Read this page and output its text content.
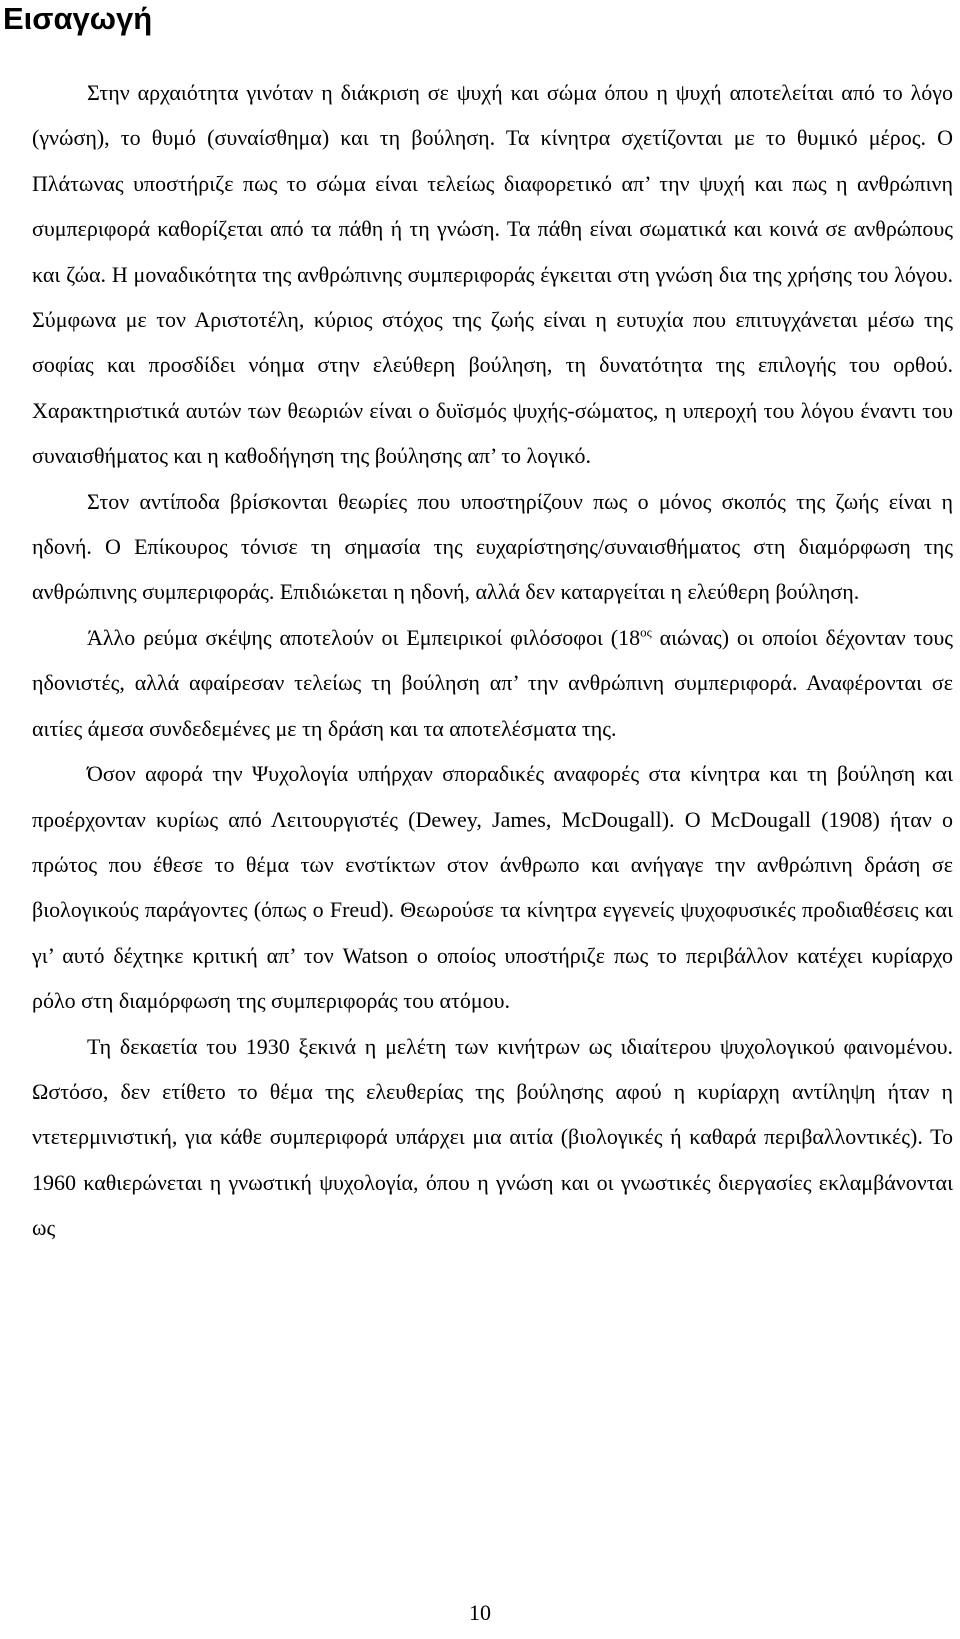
Εισαγωγή

Στην αρχαιότητα γινόταν η διάκριση σε ψυχή και σώμα όπου η ψυχή αποτελείται από το λόγο (γνώση), το θυμό (συναίσθημα) και τη βούληση. Τα κίνητρα σχετίζονται με το θυμικό μέρος. Ο Πλάτωνας υποστήριζε πως το σώμα είναι τελείως διαφορετικό απ’ την ψυχή και πως η ανθρώπινη συμπεριφορά καθορίζεται από τα πάθη ή τη γνώση. Τα πάθη είναι σωματικά και κοινά σε ανθρώπους και ζώα. Η μοναδικότητα της ανθρώπινης συμπεριφοράς έγκειται στη γνώση δια της χρήσης του λόγου. Σύμφωνα με τον Αριστοτέλη, κύριος στόχος της ζωής είναι η ευτυχία που επιτυγχάνεται μέσω της σοφίας και προσδίδει νόημα στην ελεύθερη βούληση, τη δυνατότητα της επιλογής του ορθού. Χαρακτηριστικά αυτών των θεωριών είναι ο δυϊσμός ψυχής-σώματος, η υπεροχή του λόγου έναντι του συναισθήματος και η καθοδήγηση της βούλησης απ’ το λογικό.

Στον αντίποδα βρίσκονται θεωρίες που υποστηρίζουν πως ο μόνος σκοπός της ζωής είναι η ηδονή. Ο Επίκουρος τόνισε τη σημασία της ευχαρίστησης/συναισθήματος στη διαμόρφωση της ανθρώπινης συμπεριφοράς. Επιδιώκεται η ηδονή, αλλά δεν καταργείται η ελεύθερη βούληση.

Άλλο ρεύμα σκέψης αποτελούν οι Εμπειρικοί φιλόσοφοι ($18^{o\varsigma}$ αιώνας) οι οποίοι δέχονταν τους ηδονιστές, αλλά αφαίρεσαν τελείως τη βούληση απ’ την ανθρώπινη συμπεριφορά. Αναφέρονται σε αιτίες άμεσα συνδεδεμένες με τη δράση και τα αποτελέσματα της.

Όσον αφορά την Ψυχολογία υπήρχαν σποραδικές αναφορές στα κίνητρα και τη βούληση και προέρχονταν κυρίως από Λειτουργιστές (Dewey, James, McDougall). Ο McDougall (1908) ήταν ο πρώτος που έθεσε το θέμα των ενστίκτων στον άνθρωπο και ανήγαγε την ανθρώπινη δράση σε βιολογικούς παράγοντες (όπως ο Freud). Θεωρούσε τα κίνητρα εγγενείς ψυχοφυσικές προδιαθέσεις και γι’ αυτό δέχτηκε κριτική απ’ τον Watson ο οποίος υποστήριζε πως το περιβάλλον κατέχει κυρίαρχο ρόλο στη διαμόρφωση της συμπεριφοράς του ατόμου.

Τη δεκαετία του 1930 ξεκινά η μελέτη των κινήτρων ως ιδιαίτερου ψυχολογικού φαινομένου. Ωστόσο, δεν ετίθετο το θέμα της ελευθερίας της βούλησης αφού η κυρίαρχη αντίληψη ήταν η ντετερμινιστική, για κάθε συμπεριφορά υπάρχει μια αιτία (βιολογικές ή καθαρά περιβαλλοντικές). Το 1960 καθιερώνεται η γνωστική ψυχολογία, όπου η γνώση και οι γνωστικές διεργασίες εκλαμβάνονται ως

10
